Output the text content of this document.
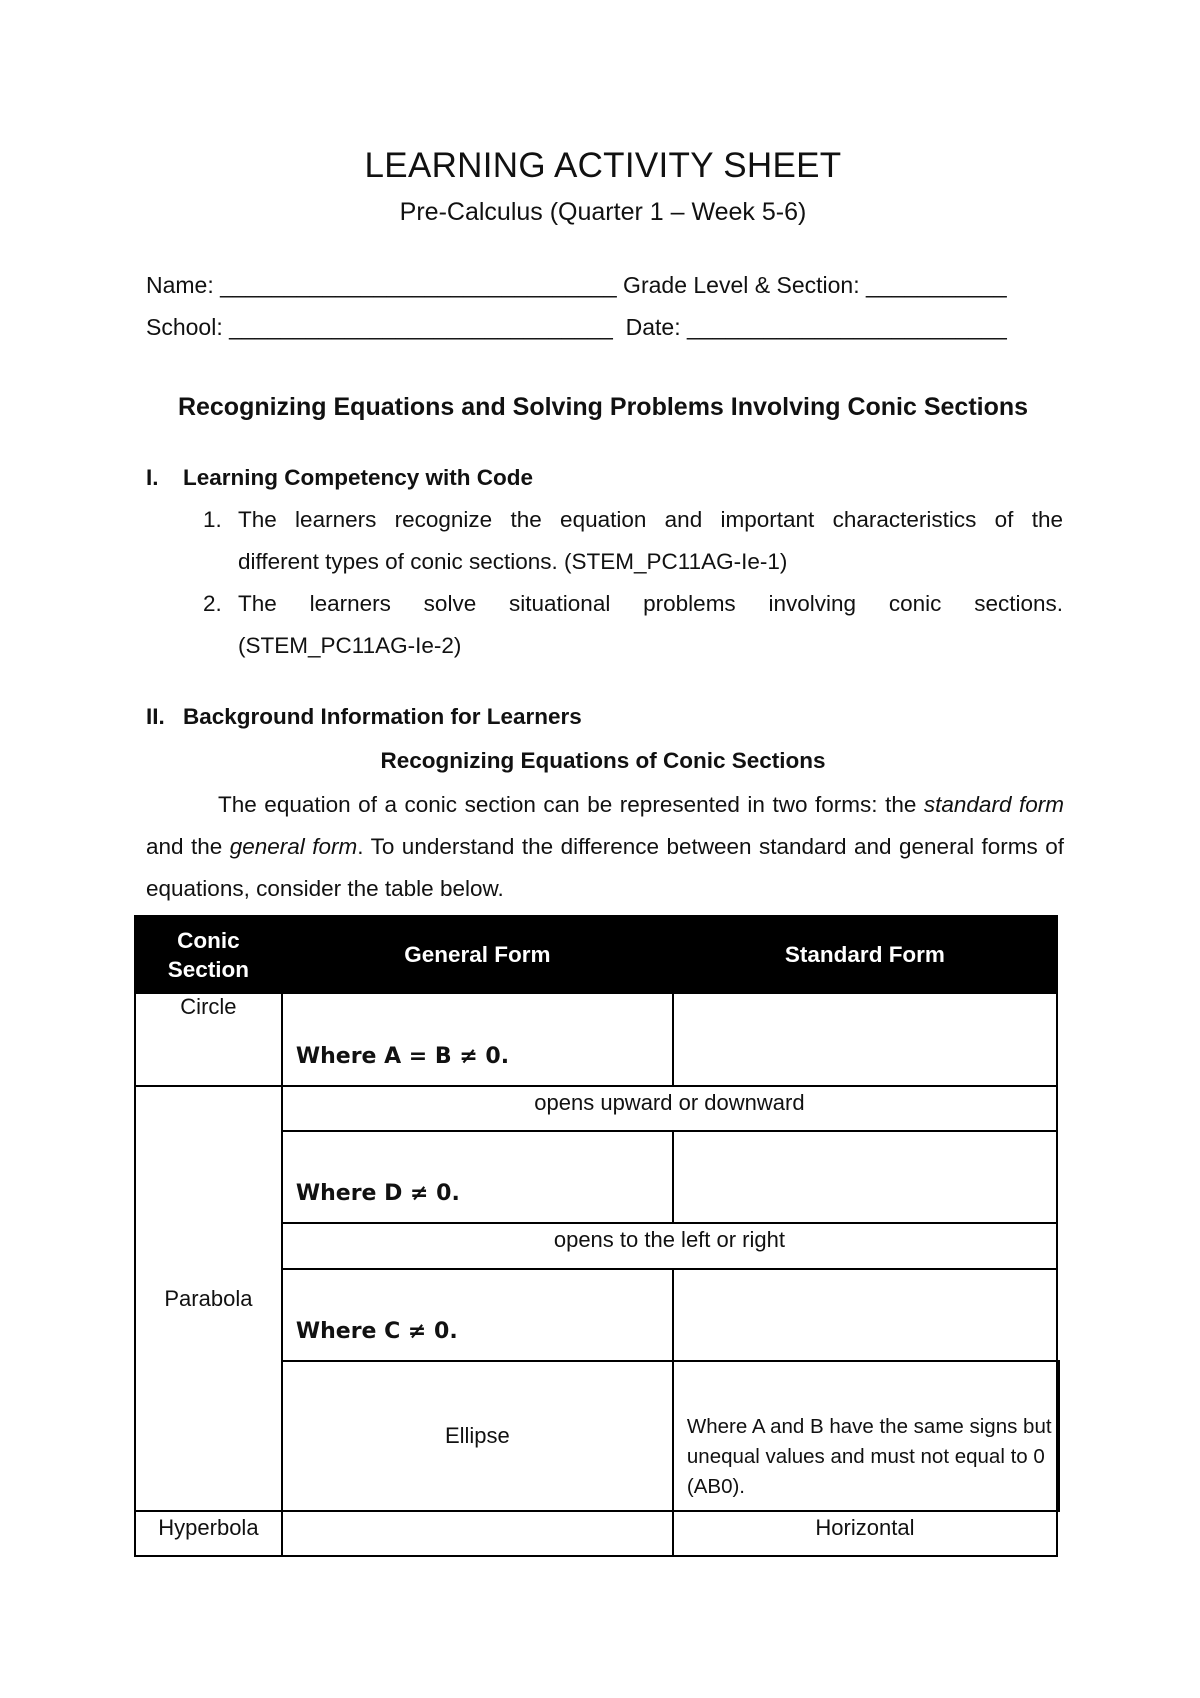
LEARNING ACTIVITY SHEET
Pre-Calculus (Quarter 1 – Week 5-6)
Name: _______________________________ Grade Level & Section: ___________
School: ______________________________  Date: _________________________
Recognizing Equations and Solving Problems Involving Conic Sections
I. Learning Competency with Code
1. The learners recognize the equation and important characteristics of the
different types of conic sections. (STEM_PC11AG-Ie-1)
2. The learners solve situational problems involving conic sections.
(STEM_PC11AG-Ie-2)
II. Background Information for Learners
Recognizing Equations of Conic Sections
The equation of a conic section can be represented in two forms: the standard form and the general form. To understand the difference between standard and general forms of equations, consider the table below.
Conic
Section	General Form	Standard Form	
Circle	Where A = B ≠ 0.		

Parabola	opens upward or downward		

	Where D ≠ 0.		

	opens to the left or right		

	Where C ≠ 0.		

	Ellipse	Where A and B have the same signs but unequal values and must not equal to 0 (AB0).	

Hyperbola		Horizontal	
